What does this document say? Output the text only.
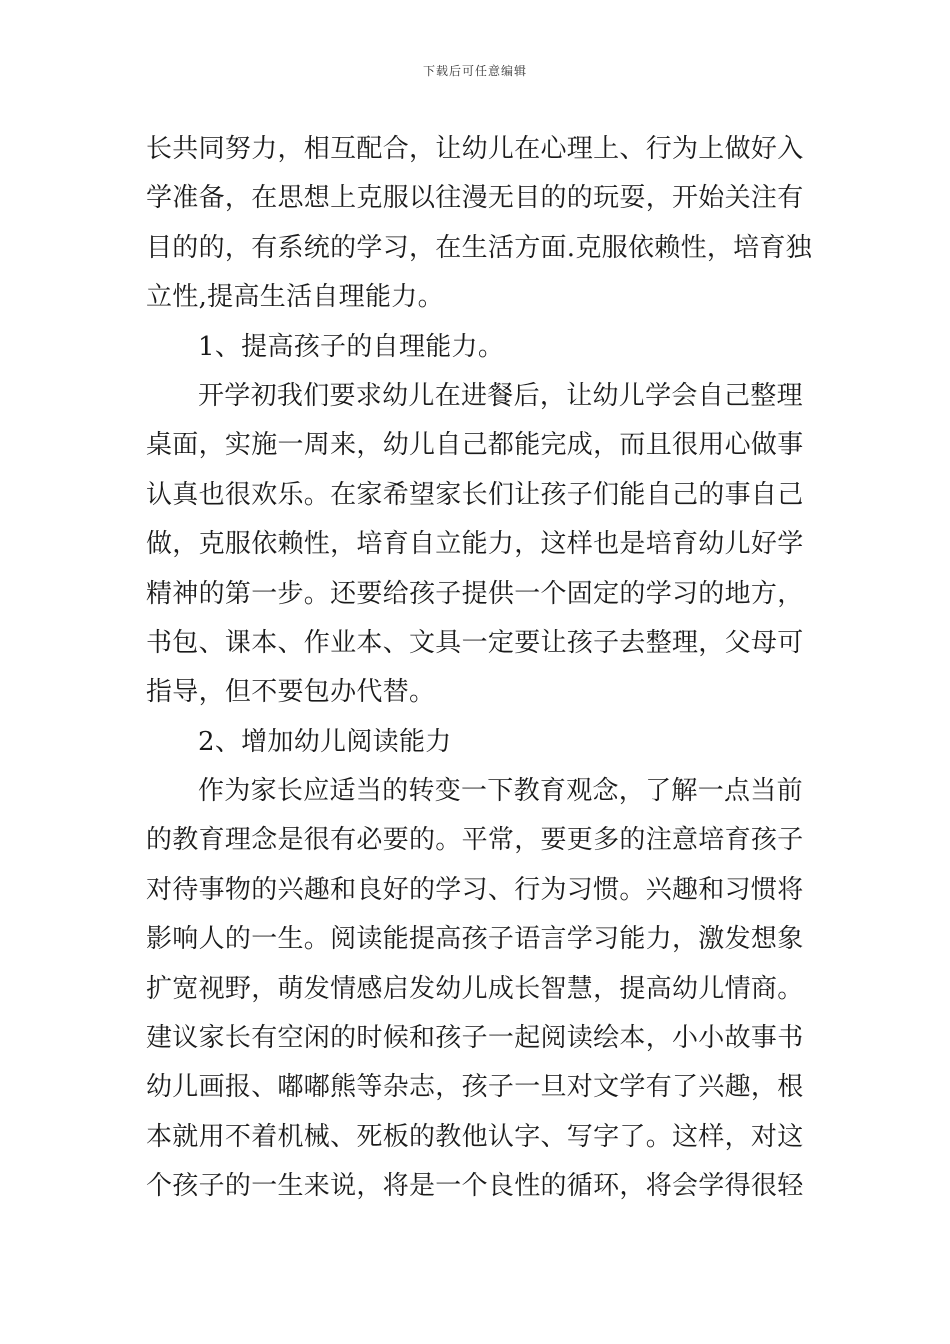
下载后可任意编辑
长共同努力，相互配合，让幼儿在心理上、行为上做好入
学准备，在思想上克服以往漫无目的的玩耍，开始关注有
目的的，有系统的学习，在生活方面.克服依赖性，培育独
立性,提高生活自理能力。
1、提高孩子的自理能力。
开学初我们要求幼儿在进餐后，让幼儿学会自己整理
桌面，实施一周来，幼儿自己都能完成，而且很用心做事
认真也很欢乐。在家希望家长们让孩子们能自己的事自己
做，克服依赖性，培育自立能力，这样也是培育幼儿好学
精神的第一步。还要给孩子提供一个固定的学习的地方，
书包、课本、作业本、文具一定要让孩子去整理，父母可
指导，但不要包办代替。
2、增加幼儿阅读能力
作为家长应适当的转变一下教育观念，了解一点当前
的教育理念是很有必要的。平常，要更多的注意培育孩子
对待事物的兴趣和良好的学习、行为习惯。兴趣和习惯将
影响人的一生。阅读能提高孩子语言学习能力，激发想象
扩宽视野，萌发情感启发幼儿成长智慧，提高幼儿情商。
建议家长有空闲的时候和孩子一起阅读绘本，小小故事书
幼儿画报、嘟嘟熊等杂志，孩子一旦对文学有了兴趣，根
本就用不着机械、死板的教他认字、写字了。这样，对这
个孩子的一生来说，将是一个良性的循环，将会学得很轻
